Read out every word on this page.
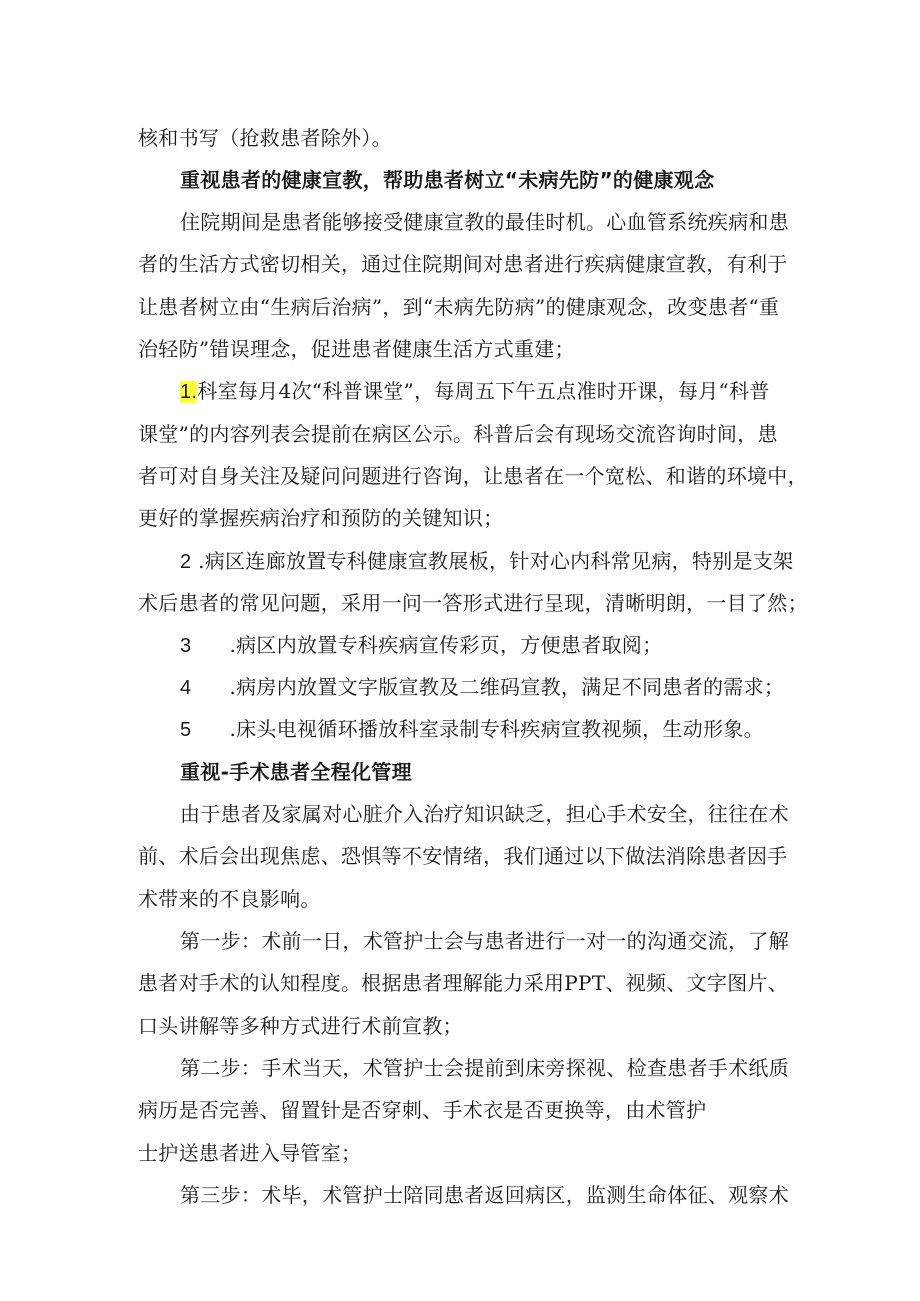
核和书写（抢救患者除外）。
重视患者的健康宣教，帮助患者树立“未病先防”的健康观念
住院期间是患者能够接受健康宣教的最佳时机。心血管系统疾病和患
者的生活方式密切相关，通过住院期间对患者进行疾病健康宣教，有利于
让患者树立由“生病后治病”，到“未病先防病”的健康观念，改变患者“重
治轻防”错误理念，促进患者健康生活方式重建；
1.科室每月4次“科普课堂”，每周五下午五点准时开课，每月“科普
课堂”的内容列表会提前在病区公示。科普后会有现场交流咨询时间，患
者可对自身关注及疑问问题进行咨询，让患者在一个宽松、和谐的环境中，
更好的掌握疾病治疗和预防的关键知识；
2 .病区连廊放置专科健康宣教展板，针对心内科常见病，特别是支架
术后患者的常见问题，采用一问一答形式进行呈现，清晰明朗，一目了然；
3 .病区内放置专科疾病宣传彩页，方便患者取阅；
4 .病房内放置文字版宣教及二维码宣教，满足不同患者的需求；
5 .床头电视循环播放科室录制专科疾病宣教视频，生动形象。
重视-手术患者全程化管理
由于患者及家属对心脏介入治疗知识缺乏，担心手术安全，往往在术
前、术后会出现焦虑、恐惧等不安情绪，我们通过以下做法消除患者因手
术带来的不良影响。
第一步：术前一日，术管护士会与患者进行一对一的沟通交流，了解
患者对手术的认知程度。根据患者理解能力采用PPT、视频、文字图片、
口头讲解等多种方式进行术前宣教；
第二步：手术当天，术管护士会提前到床旁探视、检查患者手术纸质
病历是否完善、留置针是否穿刺、手术衣是否更换等，由术管护
士护送患者进入导管室；
第三步：术毕，术管护士陪同患者返回病区，监测生命体征、观察术
